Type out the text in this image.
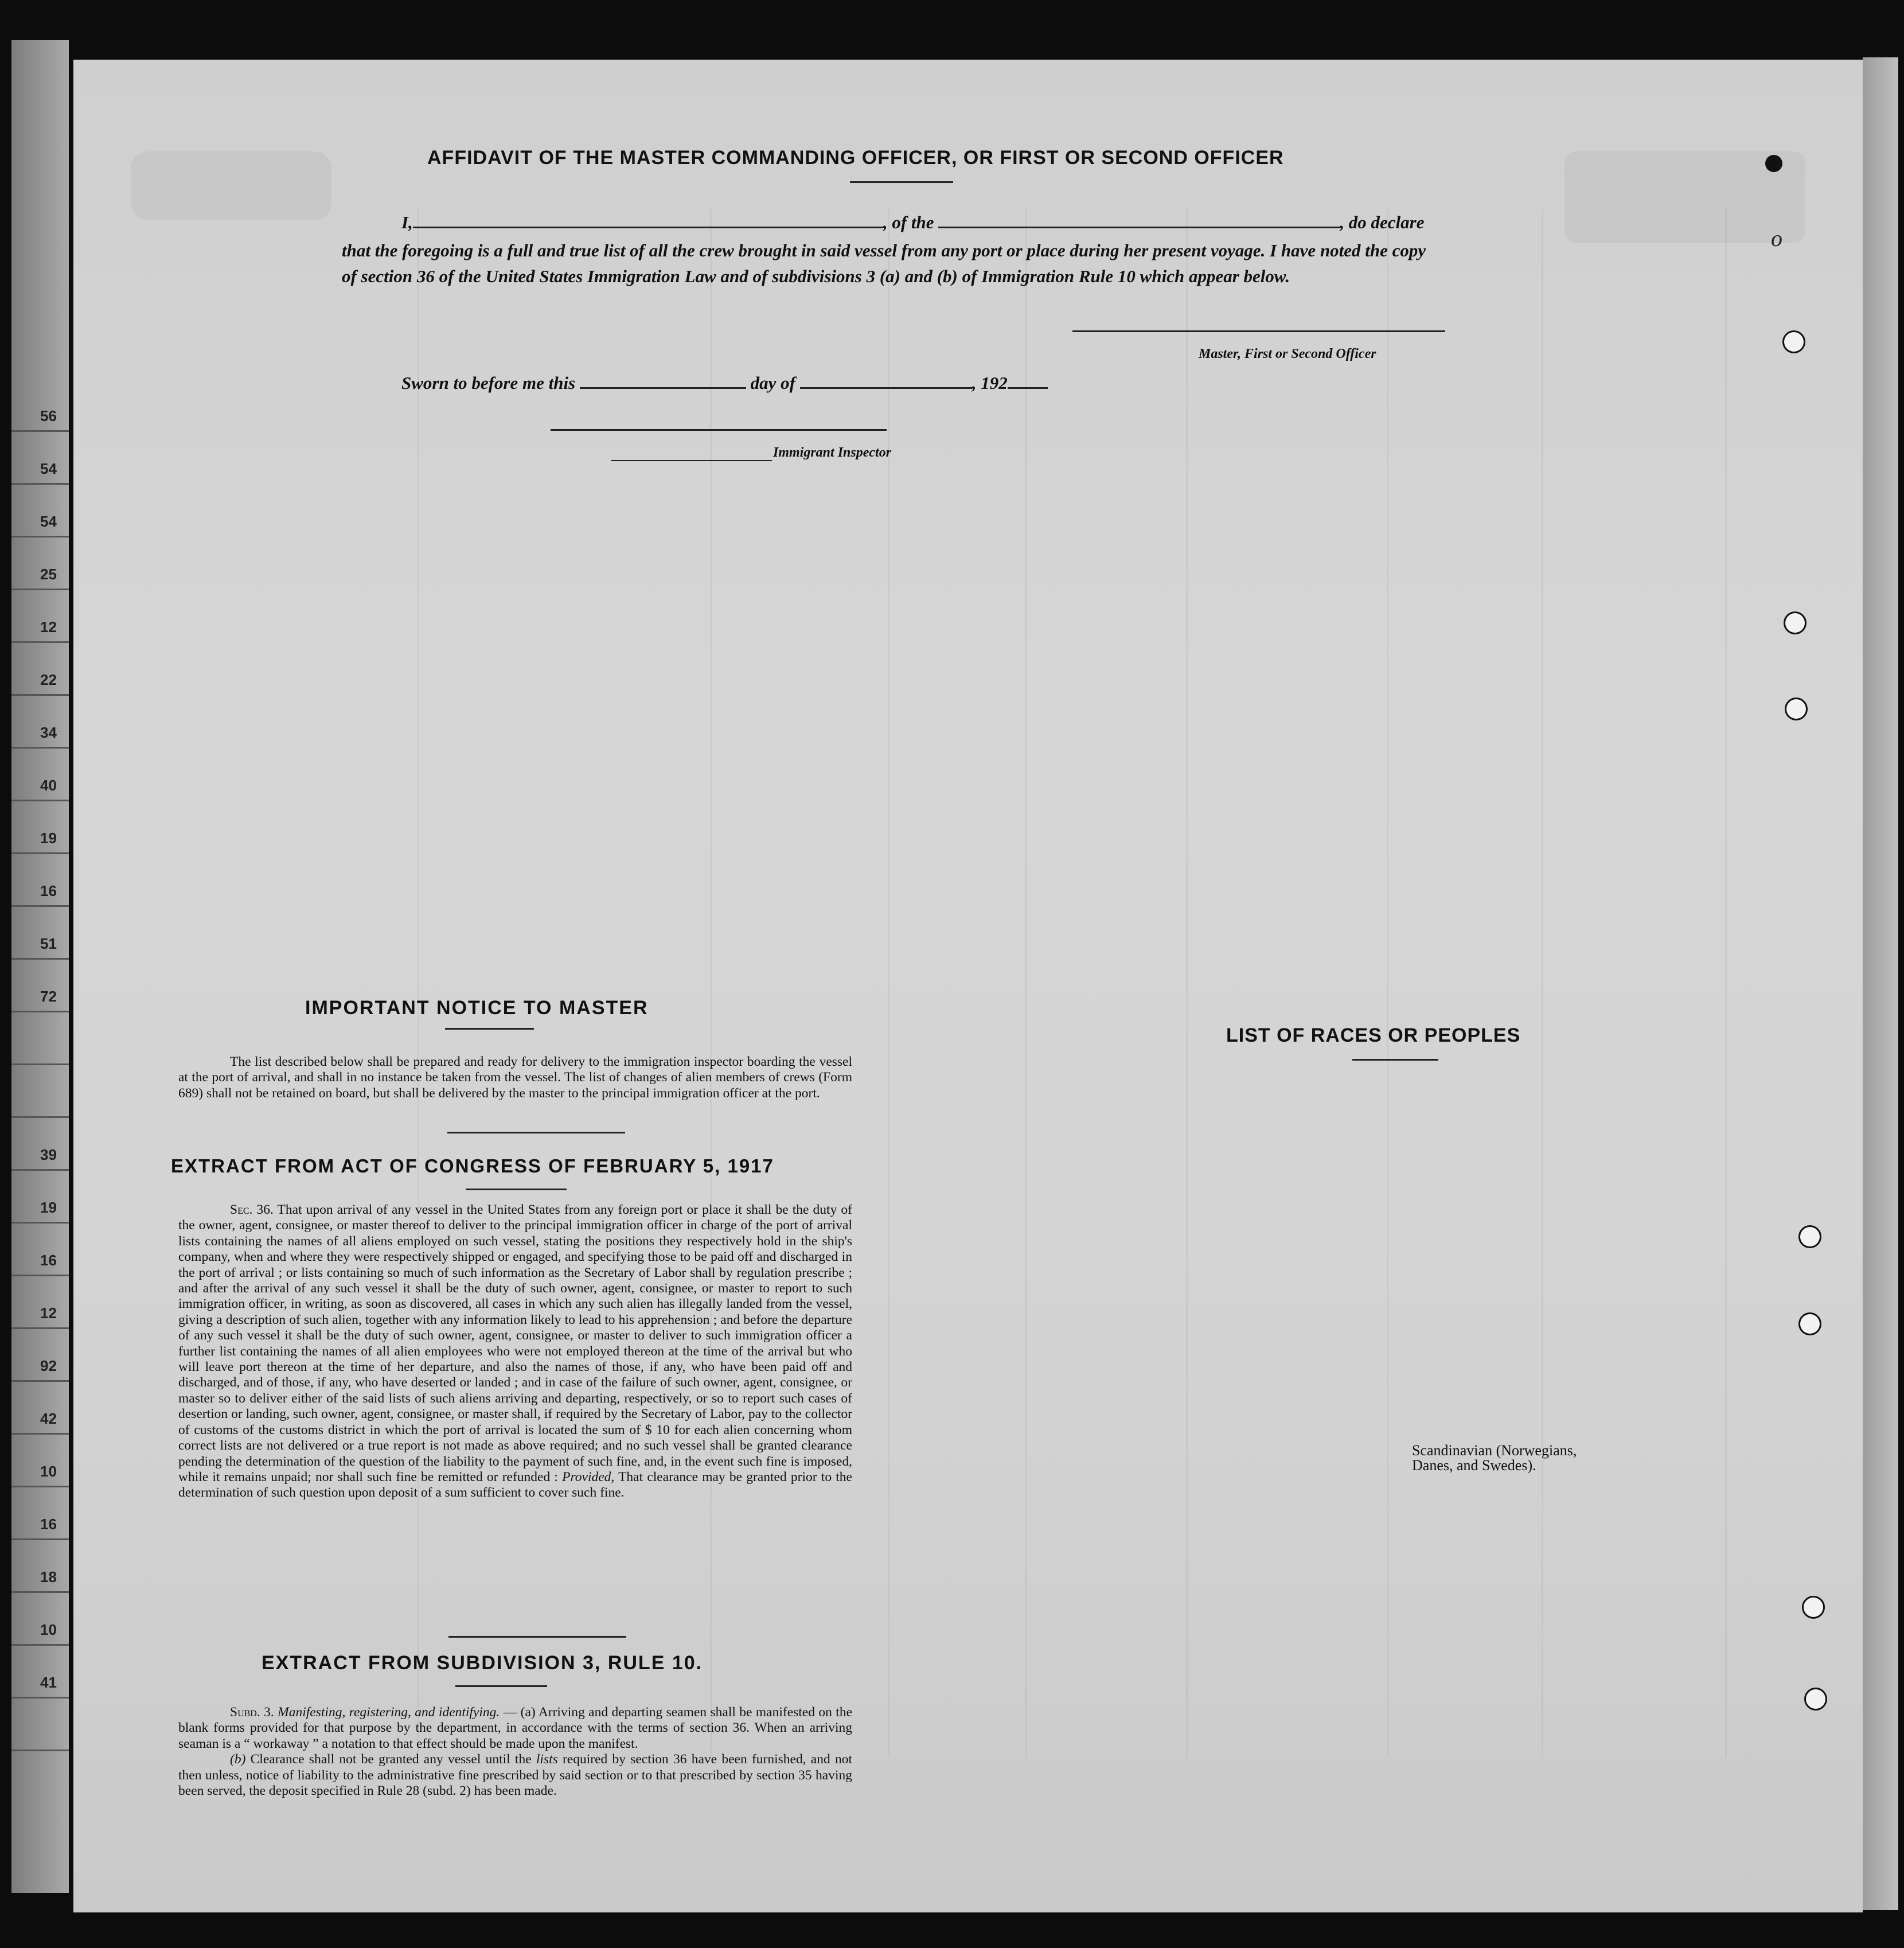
56
54
54
25
12
22
34
40
19
16
51
72
39
19
16
12
92
42
10
16
18
10
41
AFFIDAVIT OF THE MASTER COMMANDING OFFICER, OR FIRST OR SECOND OFFICER
I,	, of the	, do declare
that the foregoing is a full and true list of all the crew brought in said vessel from any port or place during her present voyage. I have noted the copy of section 36 of the United States Immigration Law and of subdivisions 3 (a) and (b) of Immigration Rule 10 which appear below.
Master, First or Second Officer
Sworn to before me this	day of	, 192
Immigrant Inspector
IMPORTANT NOTICE TO MASTER

The list described below shall be prepared and ready for delivery to the immigration inspector boarding the vessel at the port of arrival, and shall in no instance be taken from the vessel. The list of changes of alien members of crews (Form 689) shall not be retained on board, but shall be delivered by the master to the principal immigration officer at the port.

EXTRACT FROM ACT OF CONGRESS OF FEBRUARY 5, 1917

Sec. 36. That upon arrival of any vessel in the United States from any foreign port or place it shall be the duty of the owner, agent, consignee, or master thereof to deliver to the principal immigration officer in charge of the port of arrival lists containing the names of all aliens employed on such vessel, stating the positions they respectively hold in the ship's company, when and where they were respectively shipped or engaged, and specifying those to be paid off and discharged in the port of arrival ; or lists containing so much of such information as the Secretary of Labor shall by regulation prescribe ; and after the arrival of any such vessel it shall be the duty of such owner, agent, consignee, or master to report to such immigration officer, in writing, as soon as discovered, all cases in which any such alien has illegally landed from the vessel, giving a description of such alien, together with any information likely to lead to his apprehension ; and before the departure of any such vessel it shall be the duty of such owner, agent, consignee, or master to deliver to such immigration officer a further list containing the names of all alien employees who were not employed thereon at the time of the arrival but who will leave port thereon at the time of her departure, and also the names of those, if any, who have been paid off and discharged, and of those, if any, who have deserted or landed ; and in case of the failure of such owner, agent, consignee, or master so to deliver either of the said lists of such aliens arriving and departing, respectively, or so to report such cases of desertion or landing, such owner, agent, consignee, or master shall, if required by the Secretary of Labor, pay to the collector of customs of the customs district in which the port of arrival is located the sum of $ 10 for each alien concerning whom correct lists are not delivered or a true report is not made as above required; and no such vessel shall be granted clearance pending the determination of the question of the liability to the payment of such fine, and, in the event such fine is imposed, while it remains unpaid; nor shall such fine be remitted or refunded : Provided, That clearance may be granted prior to the determination of such question upon deposit of a sum sufficient to cover such fine.

EXTRACT FROM SUBDIVISION 3, RULE 10.

Subd. 3. Manifesting, registering, and identifying. — (a) Arriving and departing seamen shall be manifested on the blank forms provided for that purpose by the department, in accordance with the terms of section 36. When an arriving seaman is a “ workaway ” a notation to that effect should be made upon the manifest.

(b) Clearance shall not be granted any vessel until the lists required by section 36 have been furnished, and not then unless, notice of liability to the administrative fine prescribed by said section or to that prescribed by section 35 having been served, the deposit specified in Rule 28 (subd. 2) has been made.

LIST OF RACES OR PEOPLES
Scandinavian (Norwegians, Danes, and Swedes).
o
